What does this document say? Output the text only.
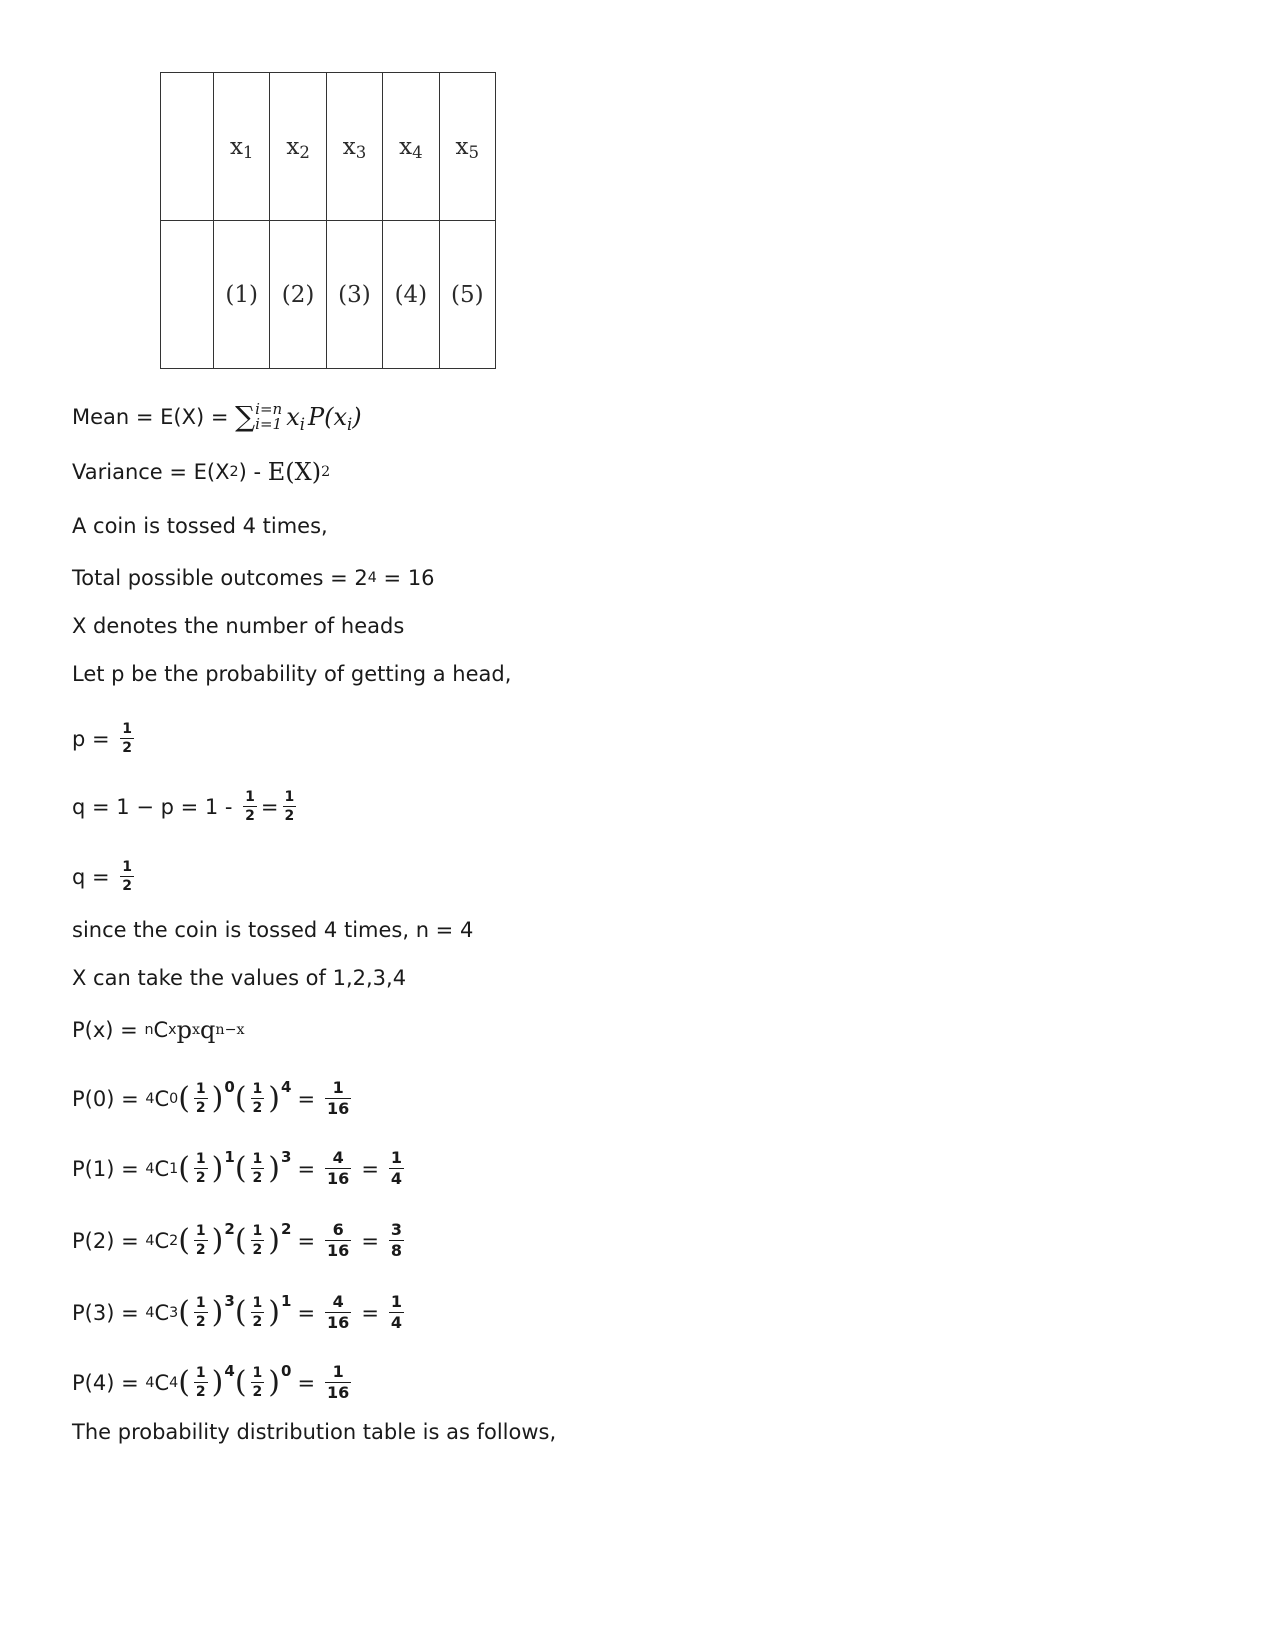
	$x_1$	$x_2$	$x_3$	$x_4$	$x_5$
	(1)	(2)	(3)	(4)	(5)
Mean = E(X) = ∑ i=n
i=1 $x_i$ $P(x_i)$
Variance = E(X 2 ) - E(X) 2
A coin is tossed 4 times,
Total possible outcomes = 2 4 = 16
X denotes the number of heads
Let p be the probability of getting a head,
$p = \frac{1}{2}$
$q = 1 - p = 1 - \frac{1}{2} = \frac{1}{2}$
$q = \frac{1}{2}$
since the coin is tossed 4 times, n = 4
X can take the values of 1,2,3,4
P(x) = n C x p x q n−x
P(0) = 4 C 0 ( $\frac{1}{2}$ ) 0 ( $\frac{1}{2}$ ) $4 = \frac{1}{16}$
P(1) = 4 C 1 ( $\frac{1}{2}$ ) 1 ( $\frac{1}{2}$ ) $3 = \frac{4}{16} = \frac{1}{4}$
P(2) = 4 C 2 ( $\frac{1}{2}$ ) 2 ( $\frac{1}{2}$ ) $2 = \frac{6}{16} = \frac{3}{8}$
P(3) = 4 C 3 ( $\frac{1}{2}$ ) 3 ( $\frac{1}{2}$ ) $1 = \frac{4}{16} = \frac{1}{4}$
P(4) = 4 C 4 ( $\frac{1}{2}$ ) 4 ( $\frac{1}{2}$ ) $0 = \frac{1}{16}$
The probability distribution table is as follows,
